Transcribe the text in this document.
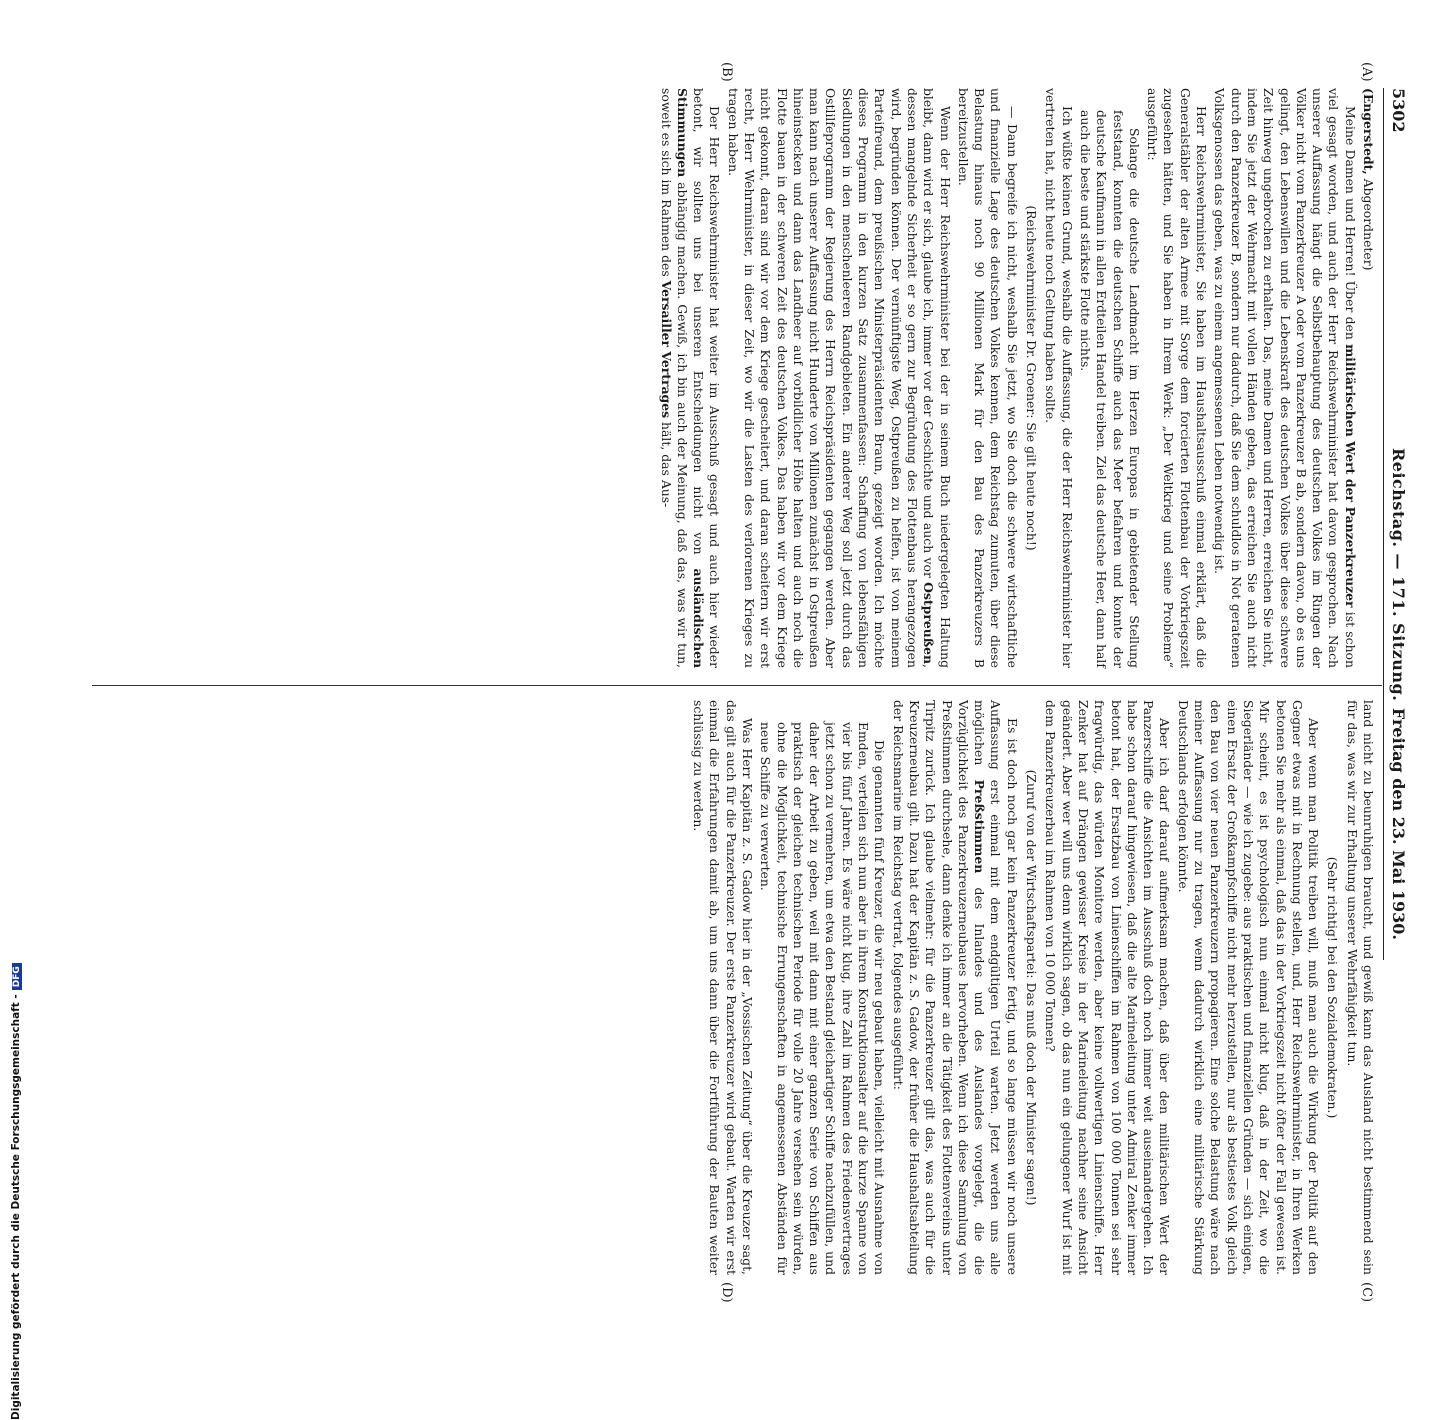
5302
Reichstag. — 171. Sitzung.
Freitag den 23. Mai 1930.
(A)
(B)
(C)
(D)

(Engerstedt, Abgeordneter)

Meine Damen und Herren! Über den militärischen Wert der Panzerkreuzer ist schon viel gesagt worden, und auch der Herr Reichswehrminister hat davon gesprochen. Nach unserer Auffassung hängt die Selbstbehauptung des deutschen Volkes im Ringen der Völker nicht vom Panzerkreuzer A oder vom Panzerkreuzer B ab, sondern davon, ob es uns gelingt, den Lebenswillen und die Lebenskraft des deutschen Volkes über diese schwere Zeit hinweg ungebrochen zu erhalten. Das, meine Damen und Herren, erreichen Sie nicht, indem Sie jetzt der Wehrmacht mit vollen Händen geben, das erreichen Sie auch nicht durch den Panzerkreuzer B, sondern nur dadurch, daß Sie dem schuldlos in Not geratenen Volksgenossen das geben, was zu einem angemessenen Leben notwendig ist.

Herr Reichswehrminister, Sie haben im Haushaltsausschuß einmal erklärt, daß die Generalstäbler der alten Armee mit Sorge dem forcierten Flottenbau der Vorkriegszeit zugesehen hätten, und Sie haben in Ihrem Werk: „Der Weltkrieg und seine Probleme“ ausgeführt:

Solange die deutsche Landmacht im Herzen Europas in gebietender Stellung feststand, konnten die deutschen Schiffe auch das Meer befahren und konnte der deutsche Kaufmann in allen Erdteilen Handel treiben. Ziel das deutsche Heer, dann half auch die beste und stärkste Flotte nichts.

Ich wüßte keinen Grund, weshalb die Auffassung, die der Herr Reichswehrminister hier vertreten hat, nicht heute noch Geltung haben sollte.

(Reichswehrminister Dr. Groener: Sie gilt heute noch!)

— Dann begreife ich nicht, weshalb Sie jetzt, wo Sie doch die schwere wirtschaftliche und finanzielle Lage des deutschen Volkes kennen, dem Reichstag zumuten, über diese Belastung hinaus noch 90 Millionen Mark für den Bau des Panzerkreuzers B bereitzustellen.

Wenn der Herr Reichswehrminister bei der in seinem Buch niedergelegten Haltung bleibt, dann wird er sich, glaube ich, immer vor der Geschichte und auch vor Ostpreußen, dessen mangelnde Sicherheit er so gern zur Begründung des Flottenbaus herangezogen wird, begründen können. Der vernünftigste Weg, Ostpreußen zu helfen, ist von meinem Parteifreund, dem preußischen Ministerpräsidenten Braun, gezeigt worden. Ich möchte dieses Programm in den kurzen Satz zusammenfassen: Schaffung von lebensfähigen Siedlungen in den menschenleeren Randgebieten. Ein anderer Weg soll jetzt durch das Ostlilfeprogramm der Regierung des Herrn Reichspräsidenten gegangen werden. Aber man kann nach unserer Auffassung nicht Hunderte von Millionen zunächst in Ostpreußen hineinstecken und dann das Landheer auf vorbildlicher Höhe halten und auch noch die Flotte bauen in der schweren Zeit des deutschen Volkes. Das haben wir vor dem Kriege nicht gekonnt, daran sind wir vor dem Kriege gescheitert, und daran scheitern wir erst recht, Herr Wehrminister, in dieser Zeit, wo wir die Lasten des verlorenen Krieges zu tragen haben.

Der Herr Reichswehrminister hat weiter im Ausschuß gesagt und auch hier wieder betont, wir sollten uns bei unseren Entscheidungen nicht von ausländischen Stimmungen abhängig machen. Gewiß, ich bin auch der Meinung, daß das, was wir tun, soweit es sich im Rahmen des Versailler Vertrages hält, das Aus-

land nicht zu beunruhigen braucht, und gewiß kann das Ausland nicht bestimmend sein für das, was wir zur Erhaltung unserer Wehrfähigkeit tun.

(Sehr richtig! bei den Sozialdemokraten.)

Aber wenn man Politik treiben will, muß man auch die Wirkung der Politik auf den Gegner etwas mit in Rechnung stellen, und, Herr Reichswehrminister, in Ihren Werken betonen Sie mehr als einmal, daß das in der Vorkriegszeit nicht öfter der Fall gewesen ist. Mir scheint, es ist psychologisch nun einmal nicht klug, daß in der Zeit, wo die Siegerländer — wie ich zugebe: aus praktischen und finanziellen Gründen — sich einigen, einen Ersatz der Großkampfschiffe nicht mehr herzustellen, nur als bestiestes Volk gleich den Bau von vier neuen Panzerkreuzern propagieren. Eine solche Belastung wäre nach meiner Auffassung nur zu tragen, wenn dadurch wirklich eine militärische Stärkung Deutschlands erfolgen könnte.

Aber ich darf darauf aufmerksam machen, daß über den militärischen Wert der Panzerschiffe die Ansichten im Ausschuß doch noch immer weit auseinandergehen. Ich habe schon darauf hingewiesen, daß die alte Marineleitung unter Admiral Zenker immer betont hat, der Ersatzbau von Linienschiffen im Rahmen von 100 000 Tonnen sei sehr fragwürdig, das würden Monitore werden, aber keine vollwertigen Linienschiffe. Herr Zenker hat auf Drängen gewisser Kreise in der Marineleitung nachher seine Ansicht geändert. Aber wer will uns denn wirklich sagen, ob das nun ein gelungener Wurf ist mit dem Panzerkreuzerbau im Rahmen von 10 000 Tonnen?

(Zuruf von der Wirtschaftspartei: Das muß doch der Minister sagen!)

Es ist doch noch gar kein Panzerkreuzer fertig, und so lange müssen wir noch unsere Auffassung erst einmal mit dem endgültigen Urteil warten. Jetzt werden uns alle möglichen Preßstimmen des Inlandes und des Auslandes vorgelegt, die die Vorzüglichkeit des Panzerkreuzerneubaues hervorheben. Wenn ich diese Sammlung von Preßstimmen durchsehe, dann denke ich immer an die Tätigkeit des Flottenvereins unter Tirpitz zurück. Ich glaube vielmehr: für die Panzerkreuzer gilt das, was auch für die Kreuzerneubau gilt. Dazu hat der Kapitän z. S. Gadow, der früher die Haushaltsabteilung der Reichsmarine im Reichstag vertrat, folgendes ausgeführt:

Die genannten fünf Kreuzer, die wir neu gebaut haben, vielleicht mit Ausnahme von Emden, verteilen sich nun aber in ihrem Konstruktionsalter auf die kurze Spanne von vier bis fünf Jahren. Es wäre nicht klug, ihre Zahl im Rahmen des Friedensvertrages jetzt schon zu vermehren, um etwa den Bestand gleichartiger Schiffe nachzufüllen, und daher der Arbeit zu geben, weil mit dann mit einer ganzen Serie von Schiffen aus praktisch der gleichen technischen Periode für volle 20 Jahre versehen sein würden, ohne die Möglichkeit, technische Errungenschaften in angemessenen Abständen für neue Schiffe zu verwerten.

Was Herr Kapitän z. S. Gadow hier in der „Vossischen Zeitung“ über die Kreuzer sagt, das gilt auch für die Panzerkreuzer. Der erste Panzerkreuzer wird gebaut. Warten wir erst einmal die Erfahrungen damit ab, um uns dann über die Fortführung der Bauten weiter schlüssig zu werden.

Digitalisierung gefördert durch die Deutsche Forschungsgemeinschaft -DFG
